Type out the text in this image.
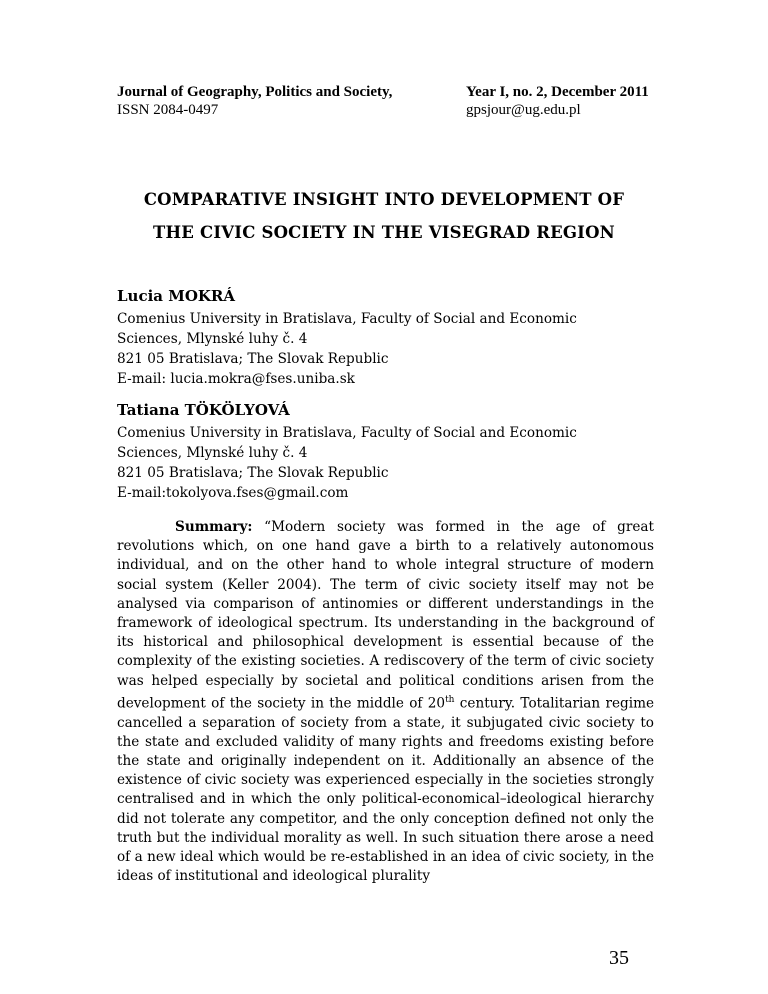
Journal of Geography, Politics and Society,
ISSN 2084-0497
Year I, no. 2, December 2011
gpsjour@ug.edu.pl
COMPARATIVE INSIGHT INTO DEVELOPMENT OF
THE CIVIC SOCIETY IN THE VISEGRAD REGION
Lucia MOKRÁ
Comenius University in Bratislava, Faculty of Social and Economic
Sciences, Mlynské luhy č. 4
821 05 Bratislava; The Slovak Republic
E-mail: lucia.mokra@fses.uniba.sk
Tatiana TÖKÖLYOVÁ
Comenius University in Bratislava, Faculty of Social and Economic
Sciences, Mlynské luhy č. 4
821 05 Bratislava; The Slovak Republic
E-mail:tokolyova.fses@gmail.com
Summary: “Modern society was formed in the age of great revolutions which, on one hand gave a birth to a relatively autonomous individual, and on the other hand to whole integral structure of modern social system (Keller 2004). The term of civic society itself may not be analysed via comparison of antinomies or different understandings in the framework of ideological spectrum. Its understanding in the background of its historical and philosophical development is essential because of the complexity of the existing societies. A rediscovery of the term of civic society was helped especially by societal and political conditions arisen from the development of the society in the middle of 20th century. Totalitarian regime cancelled a separation of society from a state, it subjugated civic society to the state and excluded validity of many rights and freedoms existing before the state and originally independent on it. Additionally an absence of the existence of civic society was experienced especially in the societies strongly centralised and in which the only political-economical–ideological hierarchy did not tolerate any competitor, and the only conception defined not only the truth but the individual morality as well. In such situation there arose a need of a new ideal which would be re-established in an idea of civic society, in the ideas of institutional and ideological plurality
35
